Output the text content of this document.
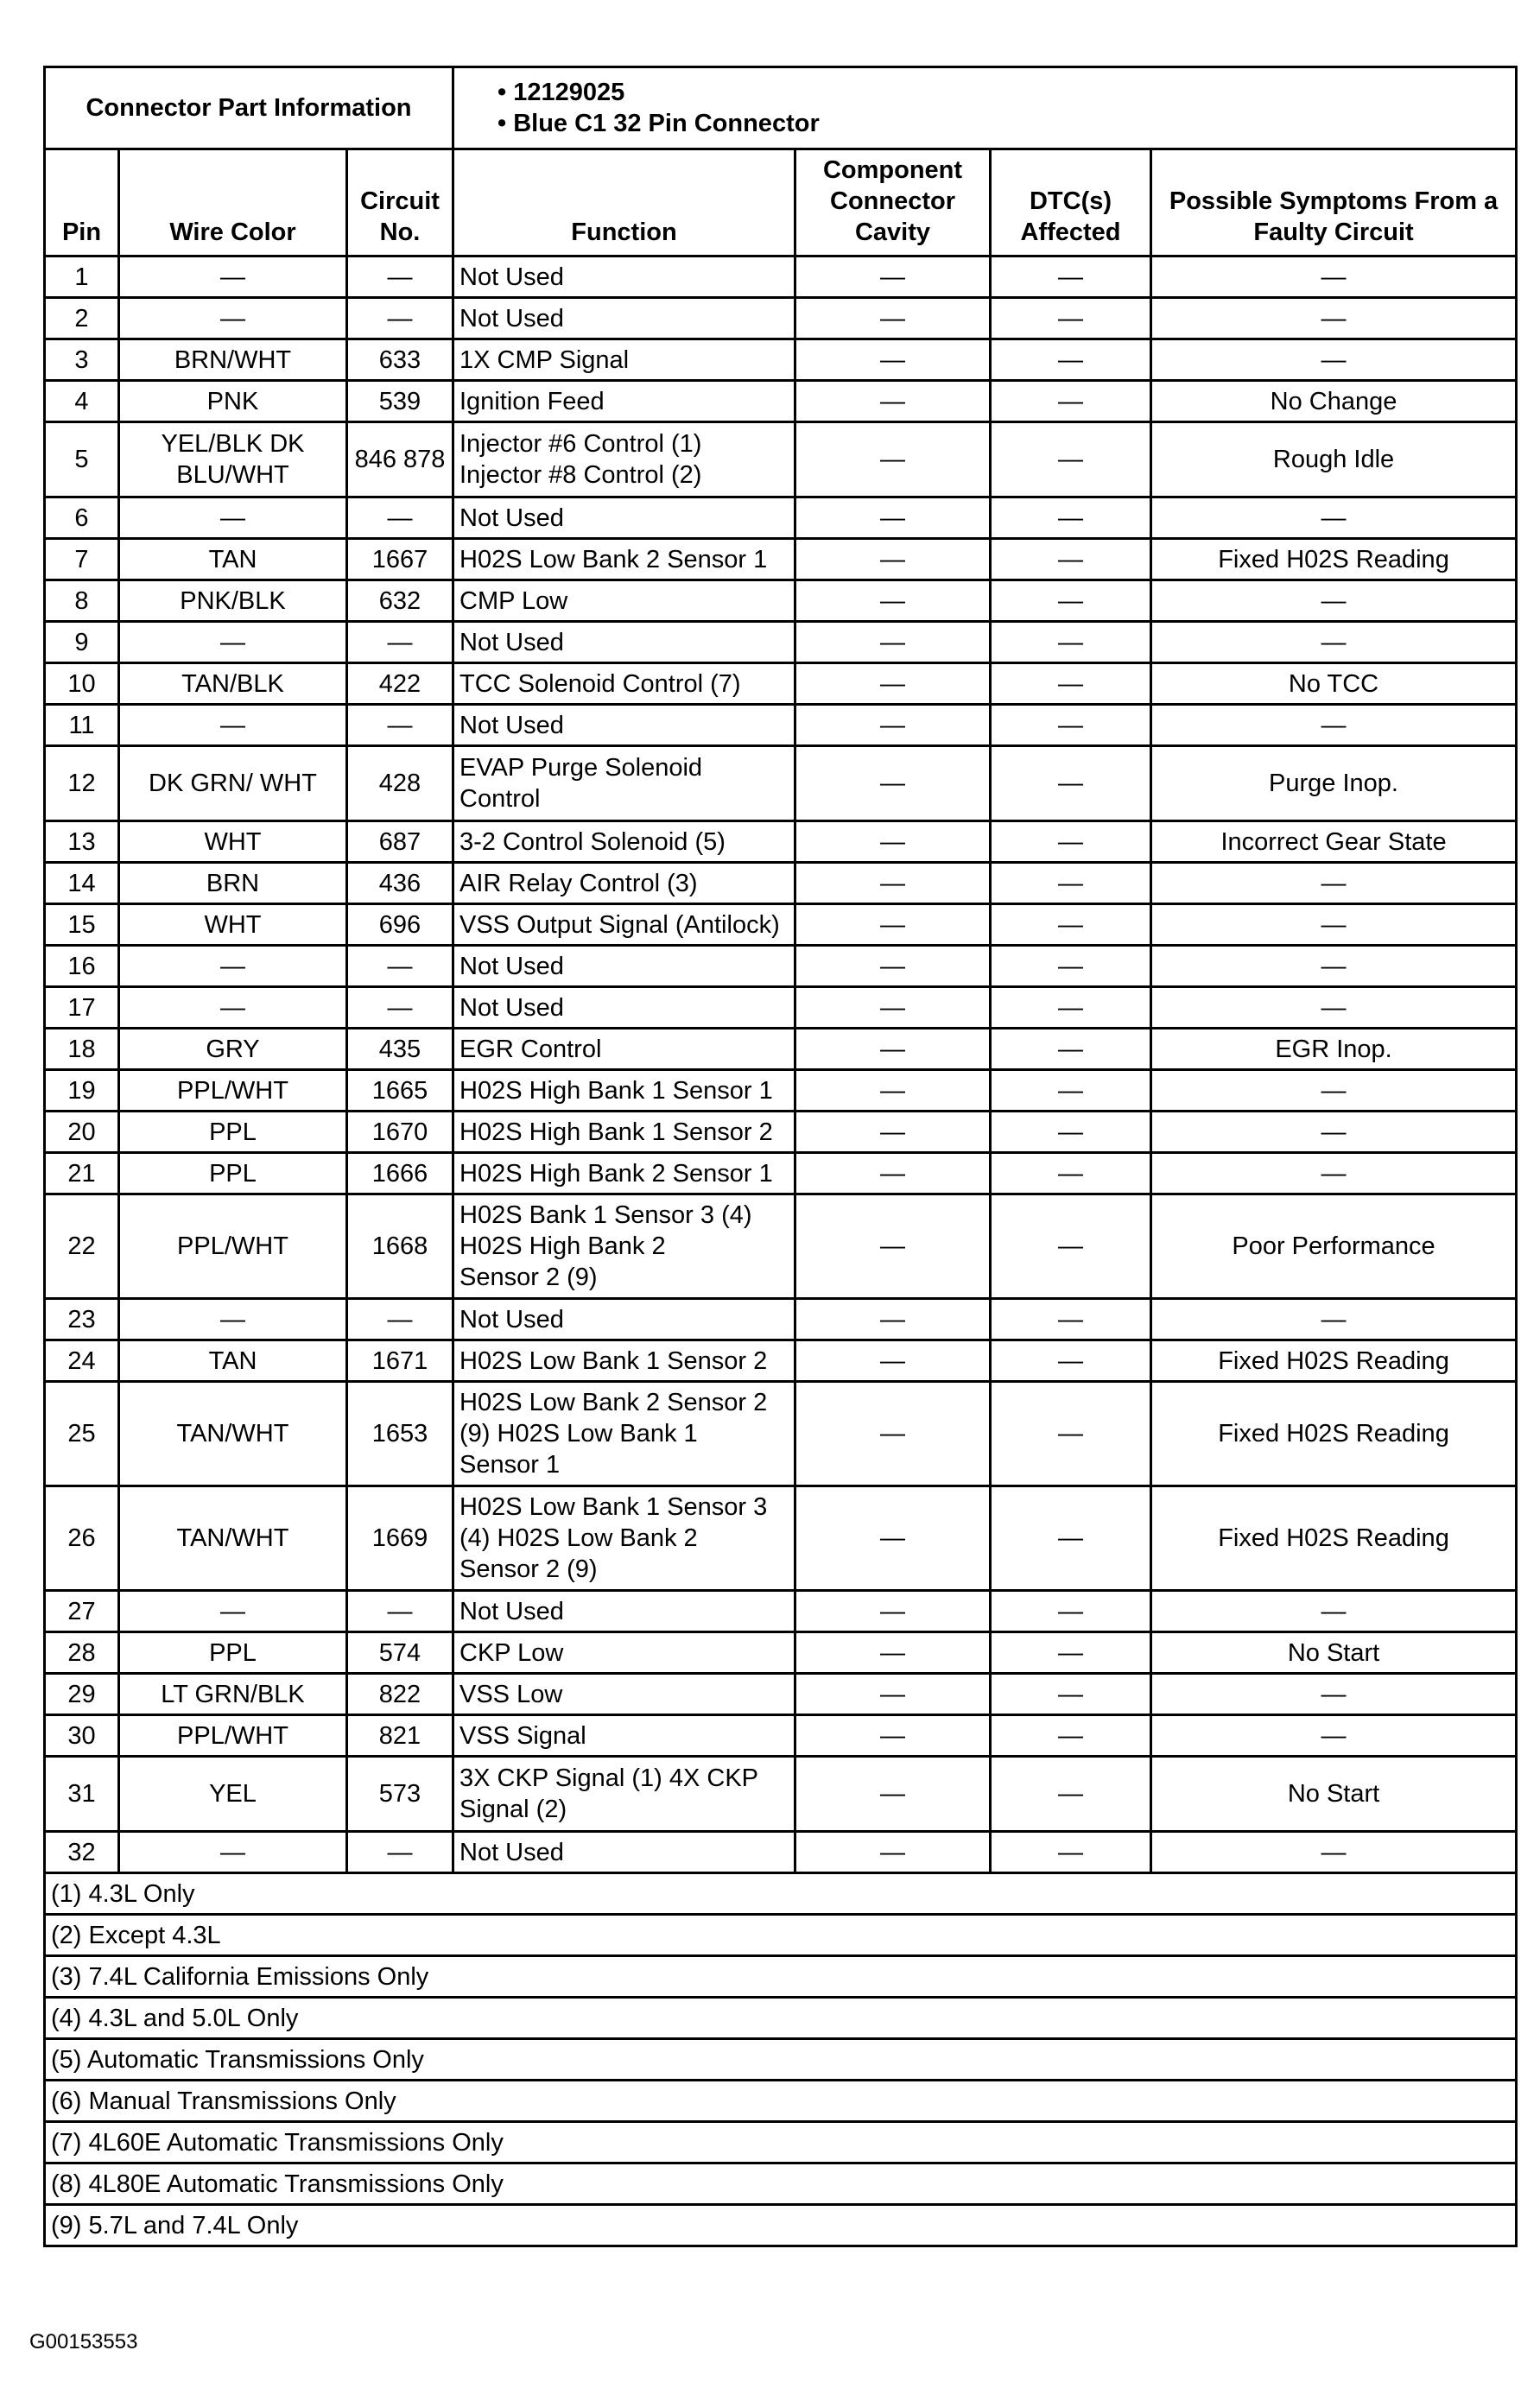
Connector Part Information			• 12129025
• Blue C1 32 Pin Connector			

Pin	Wire Color	Circuit No.	Function	Component Connector Cavity	DTC(s) Affected	Possible Symptoms From a Faulty Circuit
1	—	—	Not Used	—	—	—
2	—	—	Not Used	—	—	—
3	BRN/WHT	633	1X CMP Signal	—	—	—
4	PNK	539	Ignition Feed	—	—	No Change
5	YEL/BLK DK BLU/WHT	846 878	Injector #6 Control (1)
Injector #8 Control (2)	—	—	Rough Idle
6	—	—	Not Used	—	—	—
7	TAN	1667	H02S Low Bank 2 Sensor 1	—	—	Fixed H02S Reading
8	PNK/BLK	632	CMP Low	—	—	—
9	—	—	Not Used	—	—	—
10	TAN/BLK	422	TCC Solenoid Control (7)	—	—	No TCC
11	—	—	Not Used	—	—	—
12	DK GRN/ WHT	428	EVAP Purge Solenoid
Control	—	—	Purge Inop.
13	WHT	687	3-2 Control Solenoid (5)	—	—	Incorrect Gear State
14	BRN	436	AIR Relay Control (3)	—	—	—
15	WHT	696	VSS Output Signal (Antilock)	—	—	—
16	—	—	Not Used	—	—	—
17	—	—	Not Used	—	—	—
18	GRY	435	EGR Control	—	—	EGR Inop.
19	PPL/WHT	1665	H02S High Bank 1 Sensor 1	—	—	—
20	PPL	1670	H02S High Bank 1 Sensor 2	—	—	—
21	PPL	1666	H02S High Bank 2 Sensor 1	—	—	—
22	PPL/WHT	1668	H02S Bank 1 Sensor 3 (4)
H02S High Bank 2
Sensor 2 (9)	—	—	Poor Performance
23	—	—	Not Used	—	—	—
24	TAN	1671	H02S Low Bank 1 Sensor 2	—	—	Fixed H02S Reading
25	TAN/WHT	1653	H02S Low Bank 2 Sensor 2
(9) H02S Low Bank 1
Sensor 1	—	—	Fixed H02S Reading
26	TAN/WHT	1669	H02S Low Bank 1 Sensor 3
(4) H02S Low Bank 2
Sensor 2 (9)	—	—	Fixed H02S Reading
27	—	—	Not Used	—	—	—
28	PPL	574	CKP Low	—	—	No Start
29	LT GRN/BLK	822	VSS Low	—	—	—
30	PPL/WHT	821	VSS Signal	—	—	—
31	YEL	573	3X CKP Signal (1) 4X CKP
Signal (2)	—	—	No Start
32	—	—	Not Used	—	—	—
(1) 4.3L Only						
(2) Except 4.3L						
(3) 7.4L California Emissions Only						
(4) 4.3L and 5.0L Only						
(5) Automatic Transmissions Only						
(6) Manual Transmissions Only						
(7) 4L60E Automatic Transmissions Only						
(8) 4L80E Automatic Transmissions Only						
(9) 5.7L and 7.4L Only						
G00153553
